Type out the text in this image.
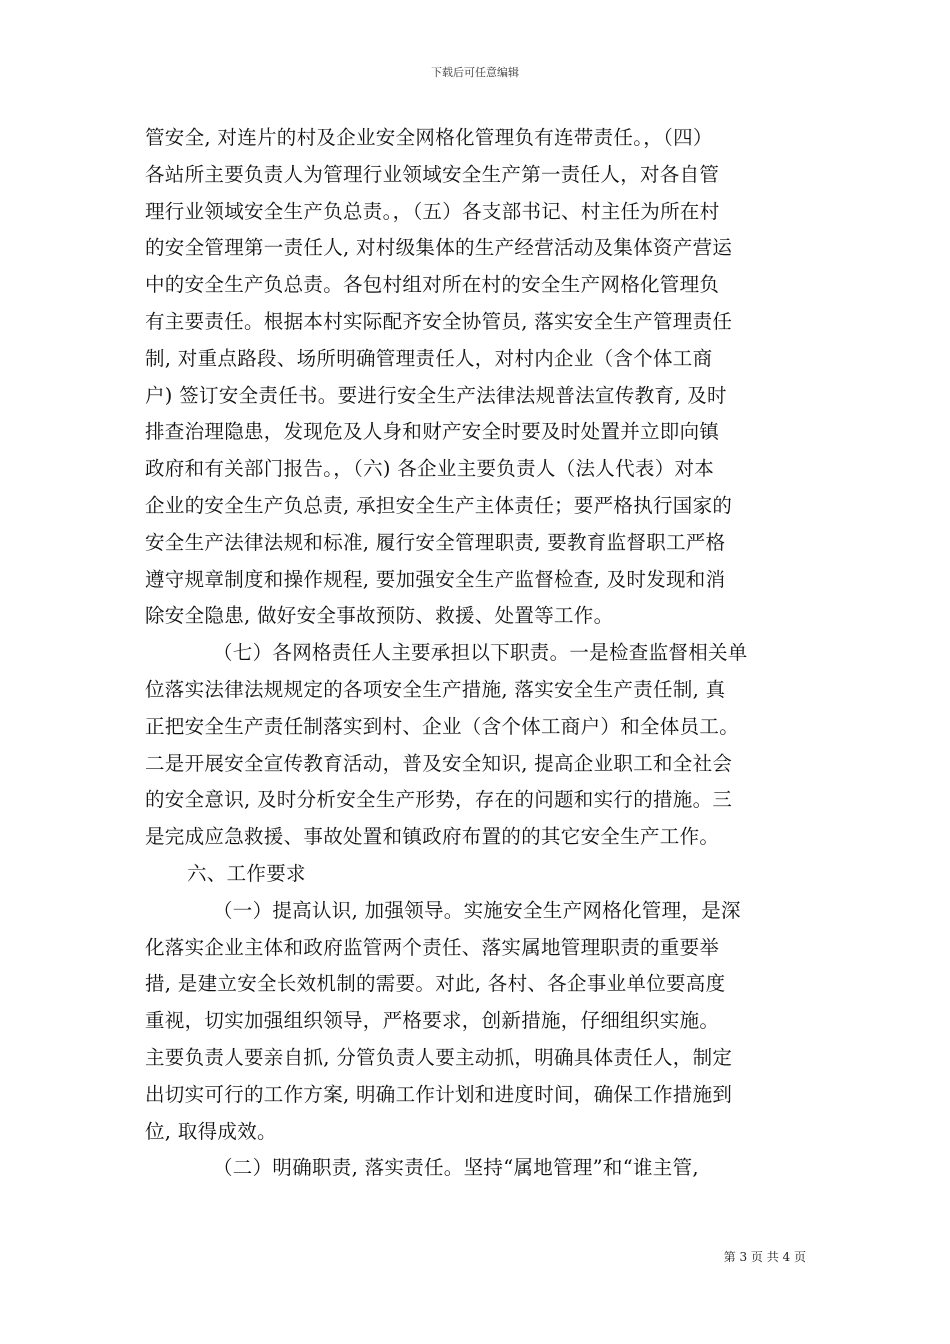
下载后可任意编辑
管安全, 对连片的村及企业安全网格化管理负有连带责任。，（四）
各站所主要负责人为管理行业领域安全生产第一责任人，对各自管
理行业领域安全生产负总责。，（五）各支部书记、村主任为所在村
的安全管理第一责任人, 对村级集体的生产经营活动及集体资产营运
中的安全生产负总责。各包村组对所在村的安全生产网格化管理负
有主要责任。根据本村实际配齐安全协管员, 落实安全生产管理责任
制, 对重点路段、场所明确管理责任人，对村内企业（含个体工商
户) 签订安全责任书。要进行安全生产法律法规普法宣传教育, 及时
排查治理隐患，发现危及人身和财产安全时要及时处置并立即向镇
政府和有关部门报告。，（六) 各企业主要负责人（法人代表）对本
企业的安全生产负总责, 承担安全生产主体责任；要严格执行国家的
安全生产法律法规和标准, 履行安全管理职责, 要教育监督职工严格
遵守规章制度和操作规程, 要加强安全生产监督检查, 及时发现和消
除安全隐患, 做好安全事故预防、救援、处置等工作。
（七）各网格责任人主要承担以下职责。一是检查监督相关单
位落实法律法规规定的各项安全生产措施, 落实安全生产责任制, 真
正把安全生产责任制落实到村、企业（含个体工商户）和全体员工。
二是开展安全宣传教育活动，普及安全知识, 提高企业职工和全社会
的安全意识, 及时分析安全生产形势，存在的问题和实行的措施。三
是完成应急救援、事故处置和镇政府布置的的其它安全生产工作。
六、工作要求
（一）提高认识, 加强领导。实施安全生产网格化管理，是深
化落实企业主体和政府监管两个责任、落实属地管理职责的重要举
措, 是建立安全长效机制的需要。对此, 各村、各企事业单位要高度
重视，切实加强组织领导，严格要求，创新措施，仔细组织实施。
主要负责人要亲自抓, 分管负责人要主动抓，明确具体责任人，制定
出切实可行的工作方案, 明确工作计划和进度时间，确保工作措施到
位, 取得成效。
（二）明确职责, 落实责任。坚持“属地管理”和“谁主管,
第 3 页 共 4 页
